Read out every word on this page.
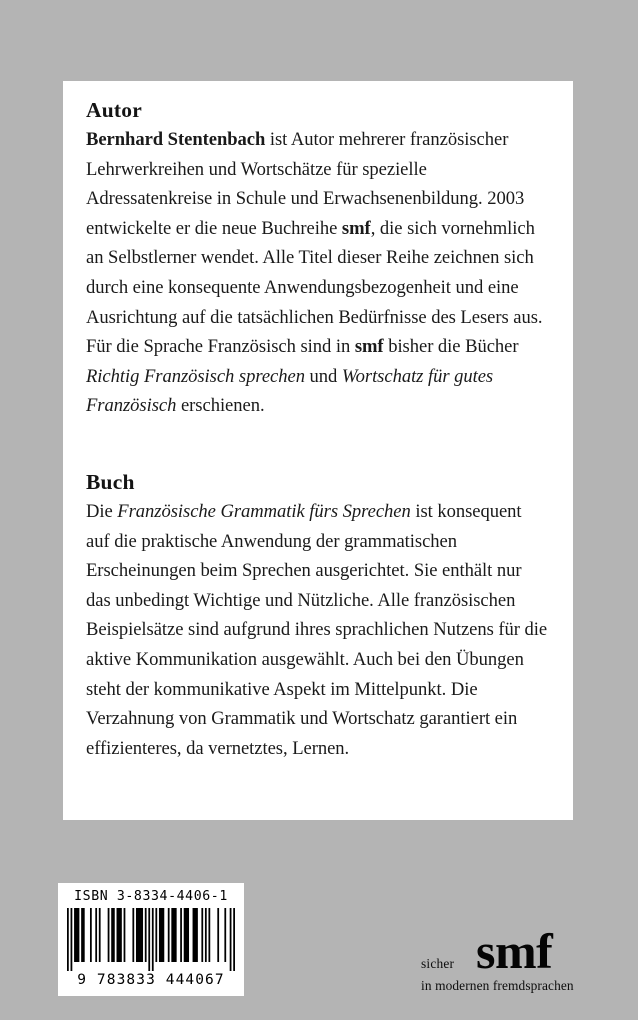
Autor

Bernhard Stentenbach ist Autor mehrerer französischer Lehrwerkreihen und Wortschätze für spezielle Adressatenkreise in Schule und Erwachsenenbildung. 2003 entwickelte er die neue Buchreihe smf, die sich vornehmlich an Selbstlerner wendet. Alle Titel dieser Reihe zeichnen sich durch eine konsequente Anwendungsbezogenheit und eine Ausrichtung auf die tatsächlichen Bedürfnisse des Lesers aus. Für die Sprache Französisch sind in smf bisher die Bücher Richtig Französisch sprechen und Wortschatz für gutes Französisch erschienen.

Buch

Die Französische Grammatik fürs Sprechen ist konsequent auf die praktische Anwendung der grammatischen Erscheinungen beim Sprechen ausgerichtet. Sie enthält nur das unbedingt Wichtige und Nützliche. Alle französischen Beispielsätze sind aufgrund ihres sprachlichen Nutzens für die aktive Kommunikation ausgewählt. Auch bei den Übungen steht der kommunikative Aspekt im Mittelpunkt. Die Verzahnung von Grammatik und Wortschatz garantiert ein effizienteres, da vernetztes, Lernen.

ISBN 3-8334-4406-1
9 783833 444067
sicher smf
in modernen fremdsprachen
